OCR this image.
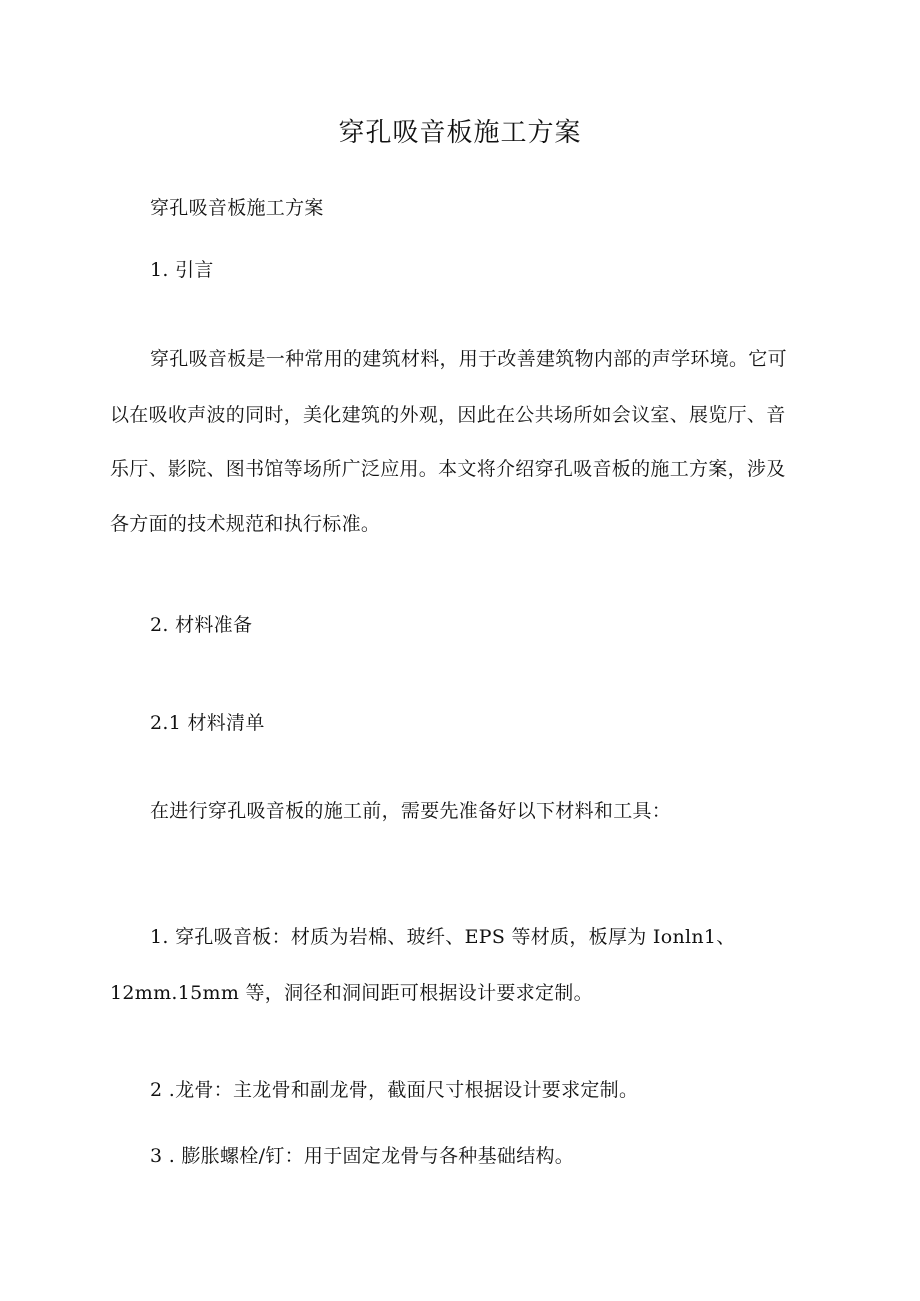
穿孔吸音板施工方案

穿孔吸音板施工方案

1. 引言

穿孔吸音板是一种常用的建筑材料，用于改善建筑物内部的声学环境。它可

以在吸收声波的同时，美化建筑的外观，因此在公共场所如会议室、展览厅、音

乐厅、影院、图书馆等场所广泛应用。本文将介绍穿孔吸音板的施工方案，涉及

各方面的技术规范和执行标准。

2. 材料准备

2.1 材料清单

在进行穿孔吸音板的施工前，需要先准备好以下材料和工具：

1. 穿孔吸音板：材质为岩棉、玻纤、EPS 等材质，板厚为 Ionln1、

12mm.15mm 等，洞径和洞间距可根据设计要求定制。

2 .龙骨：主龙骨和副龙骨，截面尺寸根据设计要求定制。

3 . 膨胀螺栓/钉：用于固定龙骨与各种基础结构。
